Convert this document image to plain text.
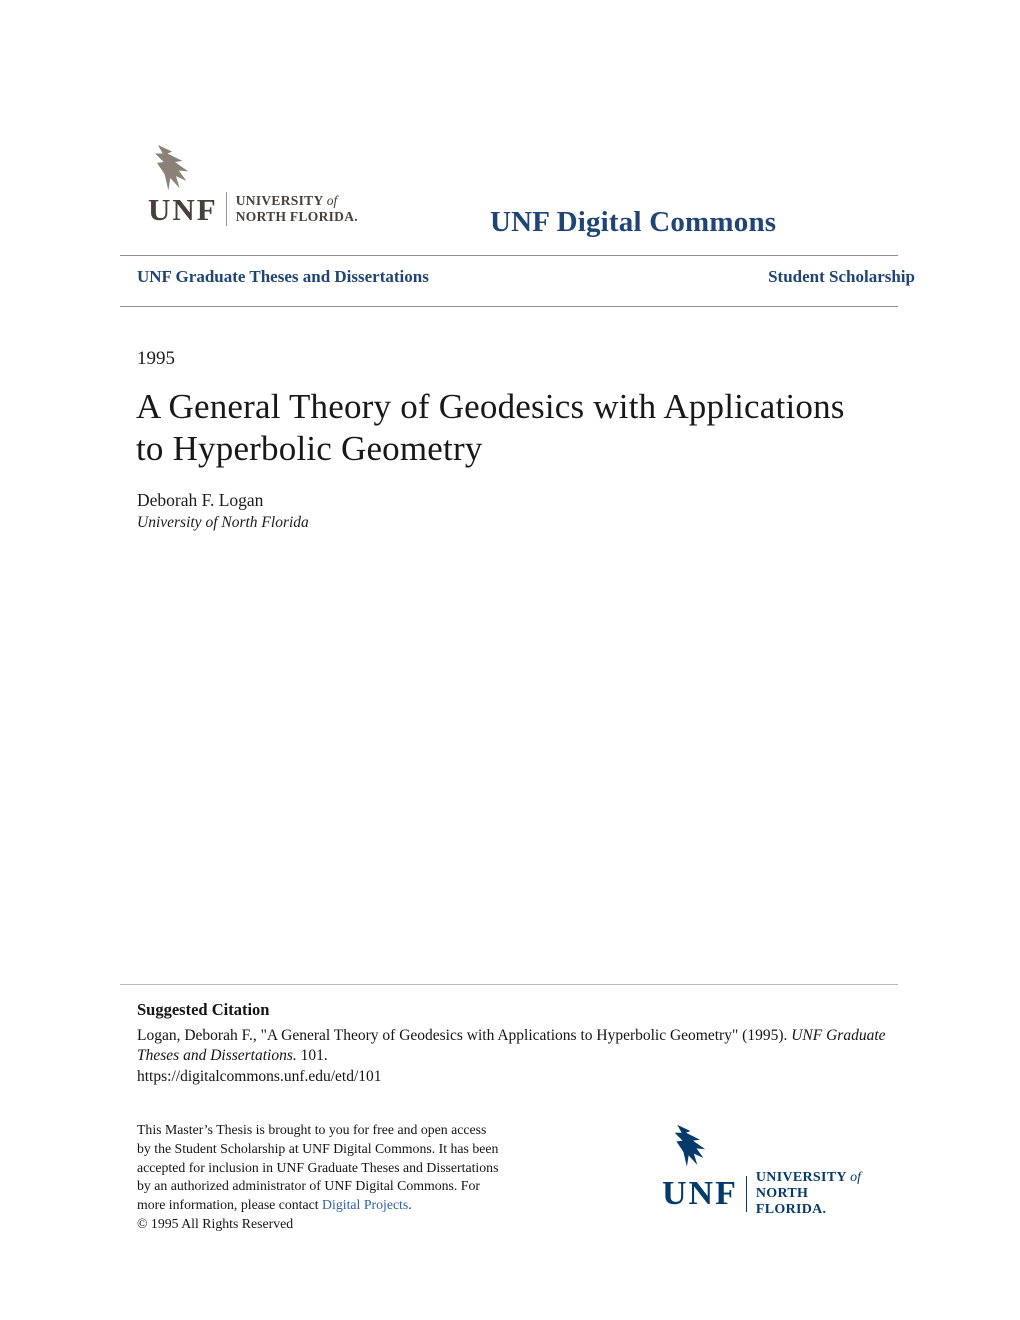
UNF UNIVERSITY of
NORTH FLORIDA.	UNF Digital Commons
UNF Graduate Theses and Dissertations	Student Scholarship
1995
A General Theory of Geodesics with Applications
to Hyperbolic Geometry
Deborah F. Logan
University of North Florida
Suggested Citation
Logan, Deborah F., "A General Theory of Geodesics with Applications to Hyperbolic Geometry" (1995). UNF Graduate Theses and Dissertations. 101.
https://digitalcommons.unf.edu/etd/101
This Master’s Thesis is brought to you for free and open access by the Student Scholarship at UNF Digital Commons. It has been accepted for inclusion in UNF Graduate Theses and Dissertations by an authorized administrator of UNF Digital Commons. For more information, please contact Digital Projects.
© 1995 All Rights Reserved
UNF UNIVERSITY of
NORTH FLORIDA.
